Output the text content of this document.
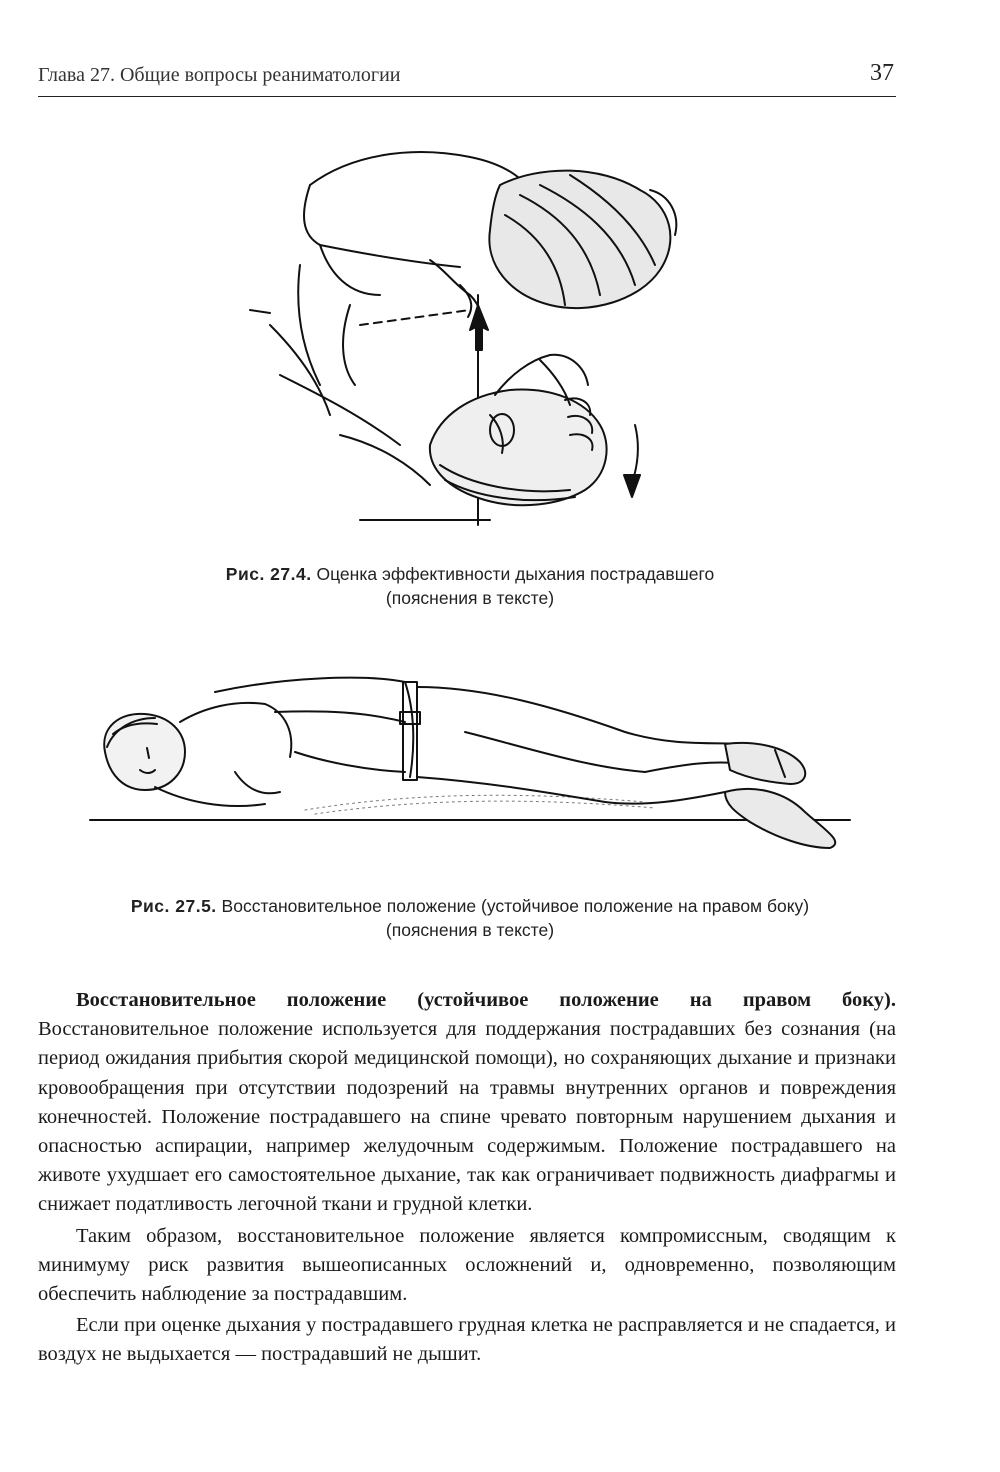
Глава 27. Общие вопросы реаниматологии	37
Рис. 27.4. Оценка эффективности дыхания пострадавшего
(пояснения в тексте)
Рис. 27.5. Восстановительное положение (устойчивое положение на правом боку)
(пояснения в тексте)

Восстановительное положение (устойчивое положение на правом боку). Восстановительное положение используется для поддержания пострадавших без сознания (на период ожидания прибытия скорой медицинской помощи), но сохраняющих дыхание и признаки кровообращения при отсутствии подозрений на травмы внутренних органов и повреждения конечностей. Положение пострадавшего на спине чревато повторным нарушением дыхания и опасностью аспирации, например желудочным содержимым. Положение пострадавшего на животе ухудшает его самостоятельное дыхание, так как ограничивает подвижность диафрагмы и снижает податливость легочной ткани и грудной клетки.

Таким образом, восстановительное положение является компромиссным, сводящим к минимуму риск развития вышеописанных осложнений и, одновременно, позволяющим обеспечить наблюдение за пострадавшим.

Если при оценке дыхания у пострадавшего грудная клетка не расправляется и не спадается, и воздух не выдыхается — пострадавший не дышит.
